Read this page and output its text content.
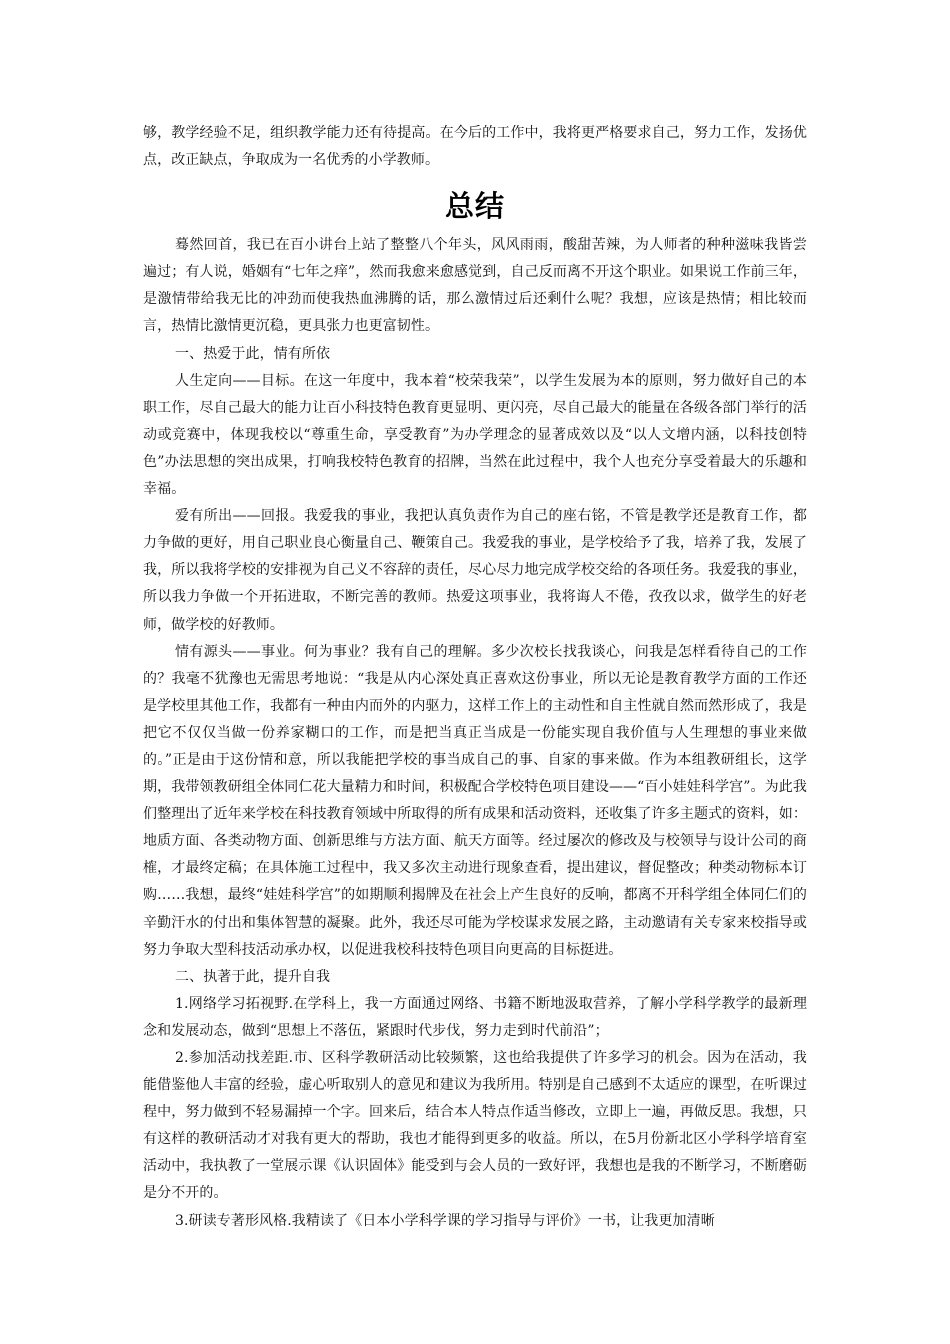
够，教学经验不足，组织教学能力还有待提高。在今后的工作中，我将更严格要求自己，努力工作，发扬优点，改正缺点，争取成为一名优秀的小学教师。

总结

蓦然回首，我已在百小讲台上站了整整八个年头，风风雨雨，酸甜苦辣，为人师者的种种滋味我皆尝遍过；有人说，婚姻有“七年之痒”，然而我愈来愈感觉到，自己反而离不开这个职业。如果说工作前三年，是激情带给我无比的冲劲而使我热血沸腾的话，那么激情过后还剩什么呢？我想，应该是热情；相比较而言，热情比激情更沉稳，更具张力也更富韧性。

一、热爱于此，情有所依

人生定向——目标。在这一年度中，我本着“校荣我荣”，以学生发展为本的原则，努力做好自己的本职工作，尽自己最大的能力让百小科技特色教育更显明、更闪亮，尽自己最大的能量在各级各部门举行的活动或竞赛中，体现我校以“尊重生命，享受教育”为办学理念的显著成效以及“以人文增内涵，以科技创特色”办法思想的突出成果，打响我校特色教育的招牌，当然在此过程中，我个人也充分享受着最大的乐趣和幸福。

爱有所出——回报。我爱我的事业，我把认真负责作为自己的座右铭，不管是教学还是教育工作，都力争做的更好，用自己职业良心衡量自己、鞭策自己。我爱我的事业，是学校给予了我，培养了我，发展了我，所以我将学校的安排视为自己义不容辞的责任，尽心尽力地完成学校交给的各项任务。我爱我的事业，所以我力争做一个开拓进取，不断完善的教师。热爱这项事业，我将诲人不倦，孜孜以求，做学生的好老师，做学校的好教师。

情有源头——事业。何为事业？我有自己的理解。多少次校长找我谈心，问我是怎样看待自己的工作的？我毫不犹豫也无需思考地说：“我是从内心深处真正喜欢这份事业，所以无论是教育教学方面的工作还是学校里其他工作，我都有一种由内而外的内驱力，这样工作上的主动性和自主性就自然而然形成了，我是把它不仅仅当做一份养家糊口的工作，而是把当真正当成是一份能实现自我价值与人生理想的事业来做的。”正是由于这份情和意，所以我能把学校的事当成自己的事、自家的事来做。作为本组教研组长，这学期，我带领教研组全体同仁花大量精力和时间，积极配合学校特色项目建设——“百小娃娃科学宫”。为此我们整理出了近年来学校在科技教育领域中所取得的所有成果和活动资料，还收集了许多主题式的资料，如：地质方面、各类动物方面、创新思维与方法方面、航天方面等。经过屡次的修改及与校领导与设计公司的商榷，才最终定稿；在具体施工过程中，我又多次主动进行现象查看，提出建议，督促整改；种类动物标本订购……我想，最终“娃娃科学宫”的如期顺利揭牌及在社会上产生良好的反响，都离不开科学组全体同仁们的辛勤汗水的付出和集体智慧的凝聚。此外，我还尽可能为学校谋求发展之路，主动邀请有关专家来校指导或努力争取大型科技活动承办权，以促进我校科技特色项目向更高的目标挺进。

二、执著于此，提升自我

1.网络学习拓视野.在学科上，我一方面通过网络、书籍不断地汲取营养，了解小学科学教学的最新理念和发展动态，做到“思想上不落伍，紧跟时代步伐，努力走到时代前沿”；

2.参加活动找差距.市、区科学教研活动比较频繁，这也给我提供了许多学习的机会。因为在活动，我能借鉴他人丰富的经验，虚心听取别人的意见和建议为我所用。特别是自己感到不太适应的课型，在听课过程中，努力做到不轻易漏掉一个字。回来后，结合本人特点作适当修改，立即上一遍，再做反思。我想，只有这样的教研活动才对我有更大的帮助，我也才能得到更多的收益。所以，在5月份新北区小学科学培育室活动中，我执教了一堂展示课《认识固体》能受到与会人员的一致好评，我想也是我的不断学习，不断磨砺是分不开的。

3.研读专著形风格.我精读了《日本小学科学课的学习指导与评价》一书，让我更加清晰
